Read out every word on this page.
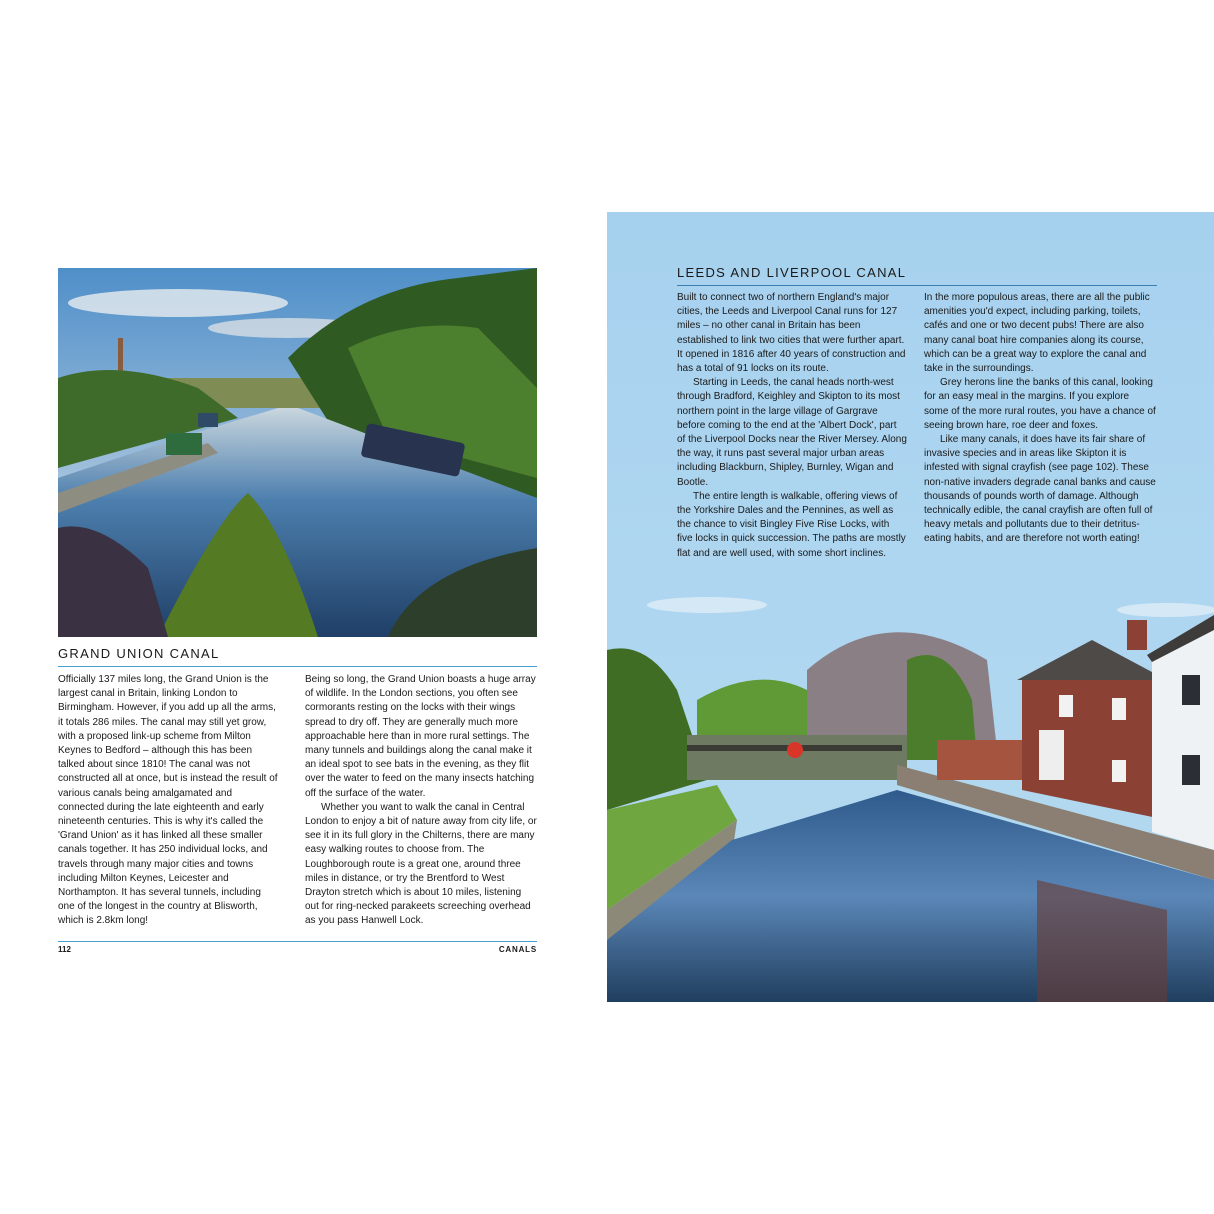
GRAND UNION CANAL

Officially 137 miles long, the Grand Union is the largest canal in Britain, linking London to Birmingham. However, if you add up all the arms, it totals 286 miles. The canal may still yet grow, with a proposed link-up scheme from Milton Keynes to Bedford – although this has been talked about since 1810! The canal was not constructed all at once, but is instead the result of various canals being amalgamated and connected during the late eighteenth and early nineteenth centuries. This is why it's called the 'Grand Union' as it has linked all these smaller canals together. It has 250 individual locks, and travels through many major cities and towns including Milton Keynes, Leicester and Northampton. It has several tunnels, including one of the longest in the country at Blisworth, which is 2.8km long!

Being so long, the Grand Union boasts a huge array of wildlife. In the London sections, you often see cormorants resting on the locks with their wings spread to dry off. They are generally much more approachable here than in more rural settings. The many tunnels and buildings along the canal make it an ideal spot to see bats in the evening, as they flit over the water to feed on the many insects hatching off the surface of the water.

Whether you want to walk the canal in Central London to enjoy a bit of nature away from city life, or see it in its full glory in the Chilterns, there are many easy walking routes to choose from. The Loughborough route is a great one, around three miles in distance, or try the Brentford to West Drayton stretch which is about 10 miles, listening out for ring-necked parakeets screeching overhead as you pass Hanwell Lock.

112	CANALS
LEEDS AND LIVERPOOL CANAL

Built to connect two of northern England's major cities, the Leeds and Liverpool Canal runs for 127 miles – no other canal in Britain has been established to link two cities that were further apart. It opened in 1816 after 40 years of construction and has a total of 91 locks on its route.

Starting in Leeds, the canal heads north-west through Bradford, Keighley and Skipton to its most northern point in the large village of Gargrave before coming to the end at the 'Albert Dock', part of the Liverpool Docks near the River Mersey. Along the way, it runs past several major urban areas including Blackburn, Shipley, Burnley, Wigan and Bootle.

The entire length is walkable, offering views of the Yorkshire Dales and the Pennines, as well as the chance to visit Bingley Five Rise Locks, with five locks in quick succession. The paths are mostly flat and are well used, with some short inclines.

In the more populous areas, there are all the public amenities you'd expect, including parking, toilets, cafés and one or two decent pubs! There are also many canal boat hire companies along its course, which can be a great way to explore the canal and take in the surroundings.

Grey herons line the banks of this canal, looking for an easy meal in the margins. If you explore some of the more rural routes, you have a chance of seeing brown hare, roe deer and foxes.

Like many canals, it does have its fair share of invasive species and in areas like Skipton it is infested with signal crayfish (see page 102). These non-native invaders degrade canal banks and cause thousands of pounds worth of damage. Although technically edible, the canal crayfish are often full of heavy metals and pollutants due to their detritus-eating habits, and are therefore not worth eating!
